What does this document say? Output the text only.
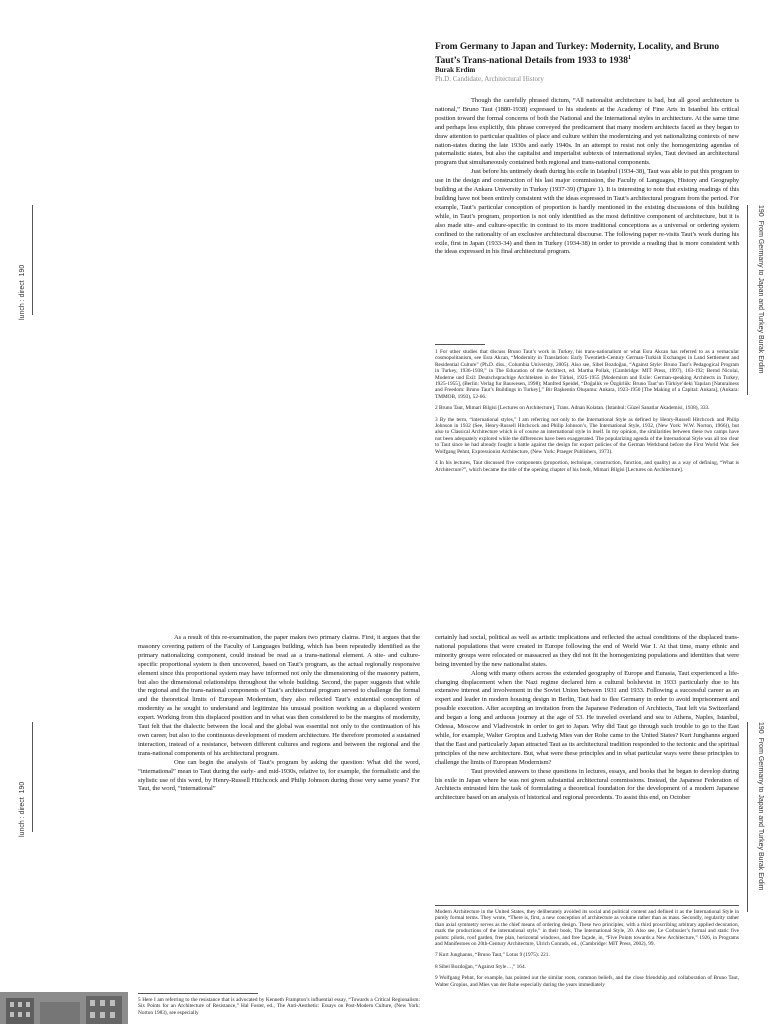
lunch : direct  190
190  From Germany to Japan and Turkey Burak Erdim
From Germany to Japan and Turkey: Modernity, Locality, and Bruno Taut’s Trans-national Details from 1933 to 1938$^1$
Burak Erdim
Ph.D. Candidate, Architectural History

Though the carefully phrased dictum, “All nationalist architecture is bad, but all good architecture is national,” Bruno Taut (1880-1938) expressed to his students at the Academy of Fine Arts in Istanbul his critical position toward the formal concerns of both the National and the International styles in architecture. At the same time and perhaps less explicitly, this phrase conveyed the predicament that many modern architects faced as they began to draw attention to particular qualities of place and culture within the modernizing and yet nationalizing contexts of new nation-states during the late 1930s and early 1940s. In an attempt to resist not only the homogenizing agendas of paternalistic states, but also the capitalist and imperialist subtexts of international styles, Taut devised an architectural program that simultaneously contained both regional and trans-national components.

Just before his untimely death during his exile in Istanbul (1934-38), Taut was able to put this program to use in the design and construction of his last major commission, the Faculty of Languages, History and Geography building at the Ankara University in Turkey (1937-39) (Figure 1). It is interesting to note that existing readings of this building have not been entirely consistent with the ideas expressed in Taut’s architectural program from the period. For example, Taut’s particular conception of proportion is hardly mentioned in the existing discussions of this building while, in Taut’s program, proportion is not only identified as the most definitive component of architecture, but it is also made site- and culture-specific in contrast to its more traditional conceptions as a universal or ordering system confined to the rationality of an exclusive architectural discourse. The following paper re-visits Taut’s work during his exile, first in Japan (1933-34) and then in Turkey (1934-38) in order to provide a reading that is more consistent with the ideas expressed in his final architectural program.

1 For other studies that discuss Bruno Taut’s work in Turkey, his trans-nationalism or what Esra Akcan has referred to as a vernacular cosmopolitanism, see Esra Akcan, “Modernity in Translation: Early Twentieth-Century German-Turkish Exchanges in Land Settlement and Residential Culture” (Ph.D. diss., Columbia University, 2005). Also see, Sibel Bozdoğan, “Against Style: Bruno Taut’s Pedagogical Program in Turkey, 1936-1938,” in The Education of the Architect, ed. Martha Pollak, (Cambridge: MIT Press, 1997), 163-192; Bernd Nicolai, Moderne und Exil: Deutschsprachige Architekten in der Türkei, 1925-1955 [Modernism and Exile: German-speaking Architects in Turkey, 1925-1955], (Berlin: Verlag fur Bauwesen, 1998); Manfred Speidel, “Doğallık ve Özgürlük: Bruno Taut’un Türkiye’deki Yapıları [Naturalness and Freedom: Bruno Taut’s Buildings in Turkey],” Bir Başkentin Oluşumu: Ankara, 1923-1950 [The Making of a Capital: Ankara], (Ankara: TMMOB, 1993), 52-66.

2 Bruno Taut, Mimari Bilgisi [Lectures on Architecture], Trans. Adnan Kolatan. (Istanbul: Güzel Sanatlar Akademisi, 1938), 333.

3 By the term, “international styles,” I am referring not only to the International Style as defined by Henry-Russell Hitchcock and Philip Johnson in 1932 (See, Henry-Russell Hitchcock and Philip Johnson’s, The International Style, 1932, (New York: W.W. Norton, 1966)), but also to Classical Architecture which is of course an international style in itself. In my opinion, the similarities between these two camps have not been adequately explored while the differences have been exaggerated. The popularizing agenda of the International Style was all too clear to Taut since he had already fought a battle against the design for export policies of the German Werkbund before the First World War. See Wolfgang Pehnt, Expressionist Architecture, (New York: Praeger Publishers, 1973).

4 In his lectures, Taut discussed five components (proportion, technique, construction, function, and quality) as a way of defining, “What is Architecture?”, which became the title of the opening chapter of his book, Mimari Bilgisi [Lectures on Architecture].

lunch : direct  190
190  From Germany to Japan and Turkey Burak Erdim

As a result of this re-examination, the paper makes two primary claims. First, it argues that the masonry covering pattern of the Faculty of Languages building, which has been repeatedly identified as the primary nationalizing component, could instead be read as a trans-national element. A site- and culture-specific proportional system is then uncovered, based on Taut’s program, as the actual regionally responsive element since this proportional system may have informed not only the dimensioning of the masonry pattern, but also the dimensional relationships throughout the whole building. Second, the paper suggests that while the regional and the trans-national components of Taut’s architectural program served to challenge the formal and the theoretical limits of European Modernism, they also reflected Taut’s existential conception of modernity as he sought to understand and legitimize his unusual position working as a displaced western expert. Working from this displaced position and in what was then considered to be the margins of modernity, Taut felt that the dialectic between the local and the global was essential not only to the continuation of his own career, but also to the continuous development of modern architecture. He therefore promoted a sustained interaction, instead of a resistance, between different cultures and regions and between the regional and the trans-national components of his architectural program.

One can begin the analysis of Taut’s program by asking the question: What did the word, “international” mean to Taut during the early- and mid-1930s, relative to, for example, the formalistic and the stylistic use of this word, by Henry-Russell Hitchcock and Philip Johnson during those very same years? For Taut, the word, “international”

5 Here I am referring to the resistance that is advocated by Kenneth Frampton’s influential essay, “Towards a Critical Regionalism: Six Points for an Architecture of Resistance,” Hal Foster, ed., The Anti-Aesthetic: Essays on Post-Modern Culture, (New York: Norton 1983), see especially

certainly had social, political as well as artistic implications and reflected the actual conditions of the displaced trans-national populations that were created in Europe following the end of World War I. At that time, many ethnic and minority groups were relocated or massacred as they did not fit the homogenizing populations and identities that were being invented by the new nationalist states.

Along with many others across the extended geography of Europe and Eurasia, Taut experienced a life-changing displacement when the Nazi regime declared him a cultural bolshevist in 1933 particularly due to his extensive interest and involvement in the Soviet Union between 1931 and 1933. Following a successful career as an expert and leader in modern housing design in Berlin, Taut had to flee Germany in order to avoid imprisonment and possible execution. After accepting an invitation from the Japanese Federation of Architects, Taut left via Switzerland and began a long and arduous journey at the age of 53. He traveled overland and sea to Athens, Naples, Istanbul, Odessa, Moscow and Vladivostok in order to get to Japan. Why did Taut go through such trouble to go to the East while, for example, Walter Gropius and Ludwig Mies van der Rohe came to the United States? Kurt Junghanns argued that the East and particularly Japan attracted Taut as its architectural tradition responded to the tectonic and the spiritual principles of the new architecture. But, what were these principles and in what particular ways were these principles to challenge the limits of European Modernism?

Taut provided answers to these questions in lectures, essays, and books that he began to develop during his exile in Japan where he was not given substantial architectural commissions. Instead, the Japanese Federation of Architects entrusted him the task of formulating a theoretical foundation for the development of a modern Japanese architecture based on an analysis of historical and regional precedents. To assist this end, on October

Modern Architecture in the United States, they deliberately avoided its social and political content and defined it as the International Style in purely formal terms. They wrote, “There is, first, a new conception of architecture as volume rather than as mass. Secondly, regularity rather than axial symmetry serves as the chief means of ordering design. These two principles, with a third proscribing arbitrary applied decoration, mark the productions of the international style,” in their book, The International Style, 20. Also see, Le Corbusier’s formal and static five points: pilotis, roof garden, free plan, horizontal windows, and free façade, in, “Five Points towards a New Architecture,” 1926, in Programs and Manifestoes on 20th-Century Architecture, Ulrich Conrads, ed., (Cambridge: MIT Press, 2002), 99.

7 Kurt Junghanns, “Bruno Taut,” Lotus 9 (1975): 221.

8 Sibel Bozdoğan, “Against Style…,” 164.

9 Wolfgang Pehnt, for example, has pointed out the similar roots, common beliefs, and the close friendship and collaboration of Bruno Taut, Walter Gropius, and Mies van der Rohe especially during the years immediately
